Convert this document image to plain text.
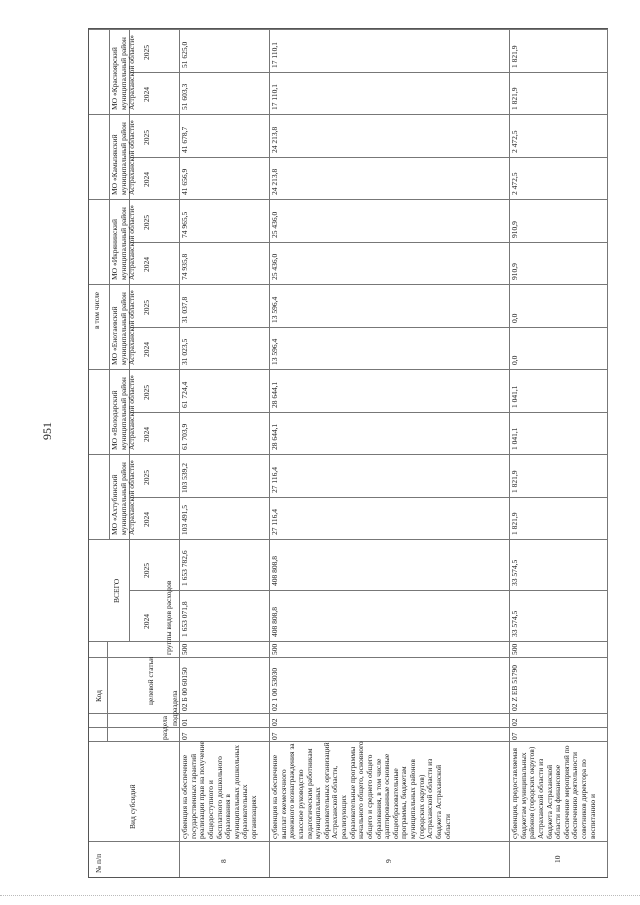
951
№ п/п
Вид субсидий
Код
раздела
подраздела
целевой статьи
группы видов расходов
ВСЕГО
в том числе
2024
2025
2024
2025
2024
2025
2024
2025
2024
2025
2024
2025
2024
2025
МО «Ахтубинский муниципальный район Астраханской области»
МО «Володарский муниципальный район Астраханской области»
МО «Енотаевский муниципальный район Астраханской области»
МО «Икрянинский муниципальный район Астраханской области»
МО «Камызякский муниципальный район Астраханской области»
МО «Красноярский муниципальный район Астраханской области»
8
субвенция на обеспечение государственных гарантий реализации прав на получение общедоступного и бесплатного дошкольного образования в муниципальных дошкольных образовательных организациях
07
01
02 Б 00 60150
500
1 653 071,8
1 653 782,6
103 491,5
103 539,2
61 703,9
61 724,4
31 023,5
31 037,8
74 935,8
74 965,5
41 656,9
41 678,7
51 603,3
51 625,0
9
субвенция на обеспечение выплат ежемесячного денежного вознаграждения за классное руководство педагогическим работникам муниципальных образовательных организаций Астраханской области, реализующих образовательные программы начального общего, основного общего и среднего общего образования, в том числе адаптированные основные общеобразовательные программы, бюджетам муниципальных районов (городских округов) Астраханской области из бюджета Астраханской области
07
02
02 1 00 53030
500
408 808,8
408 808,8
27 116,4
27 116,4
28 644,1
28 644,1
13 596,4
13 596,4
25 436,0
25 436,0
24 213,8
24 213,8
17 110,1
17 110,1
10
субвенция, предоставляемая бюджетам муниципальных районов (городских округов) Астраханской области из бюджета Астраханской области на финансовое обеспечение мероприятий по обеспечению деятельности советников директора по воспитанию и
07
02
02 Z EB 51790
500
33 574,5
33 574,5
1 821,9
1 821,9
1 041,1
1 041,1
0,0
0,0
910,9
910,9
2 472,5
2 472,5
1 821,9
1 821,9
